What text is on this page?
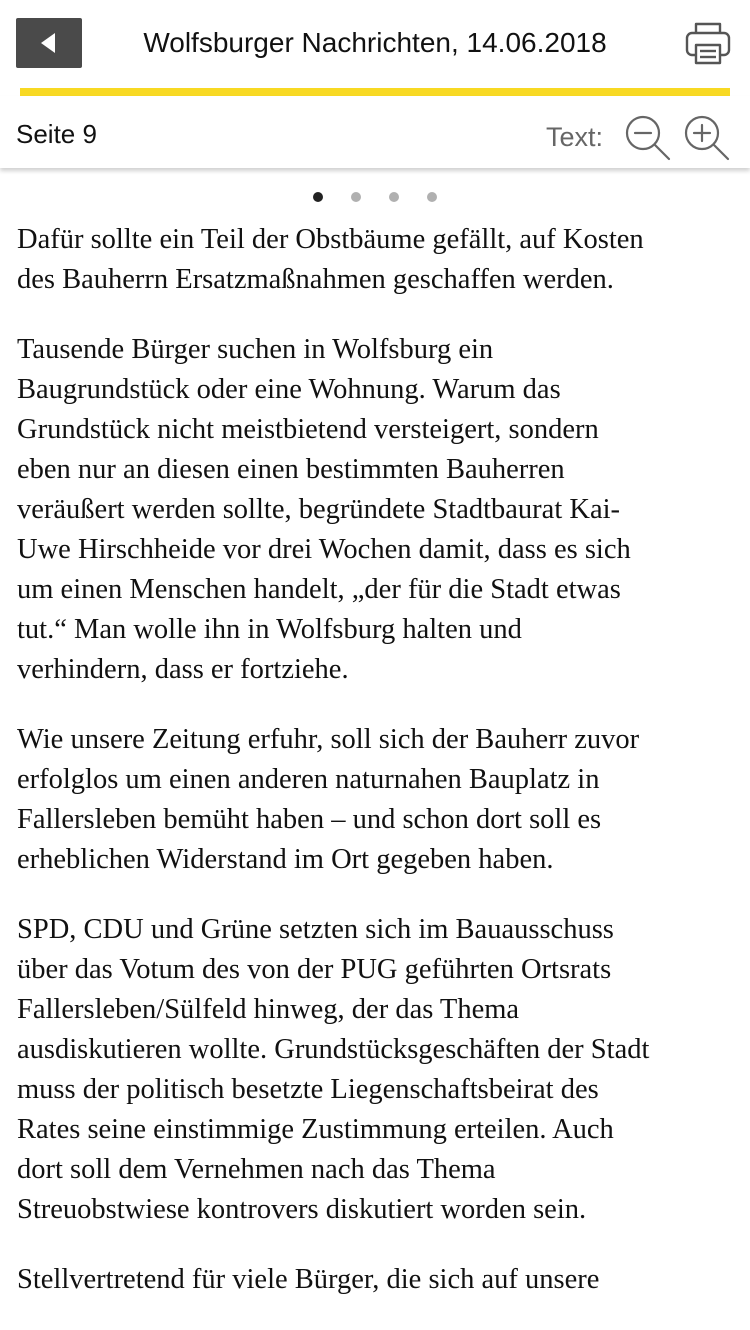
Wolfsburger Nachrichten, 14.06.2018
Seite 9	Text:

Dafür sollte ein Teil der Obstbäume gefällt, auf Kosten
des Bauherrn Ersatzmaßnahmen geschaffen werden.

Tausende Bürger suchen in Wolfsburg ein
Baugrundstück oder eine Wohnung. Warum das
Grundstück nicht meistbietend versteigert, sondern
eben nur an diesen einen bestimmten Bauherren
veräußert werden sollte, begründete Stadtbaurat Kai-
Uwe Hirschheide vor drei Wochen damit, dass es sich
um einen Menschen handelt, „der für die Stadt etwas
tut.“ Man wolle ihn in Wolfsburg halten und
verhindern, dass er fortziehe.

Wie unsere Zeitung erfuhr, soll sich der Bauherr zuvor
erfolglos um einen anderen naturnahen Bauplatz in
Fallersleben bemüht haben – und schon dort soll es
erheblichen Widerstand im Ort gegeben haben.

SPD, CDU und Grüne setzten sich im Bauausschuss
über das Votum des von der PUG geführten Ortsrats
Fallersleben/Sülfeld hinweg, der das Thema
ausdiskutieren wollte. Grundstücksgeschäften der Stadt
muss der politisch besetzte Liegenschaftsbeirat des
Rates seine einstimmige Zustimmung erteilen. Auch
dort soll dem Vernehmen nach das Thema
Streuobstwiese kontrovers diskutiert worden sein.

Stellvertretend für viele Bürger, die sich auf unsere
